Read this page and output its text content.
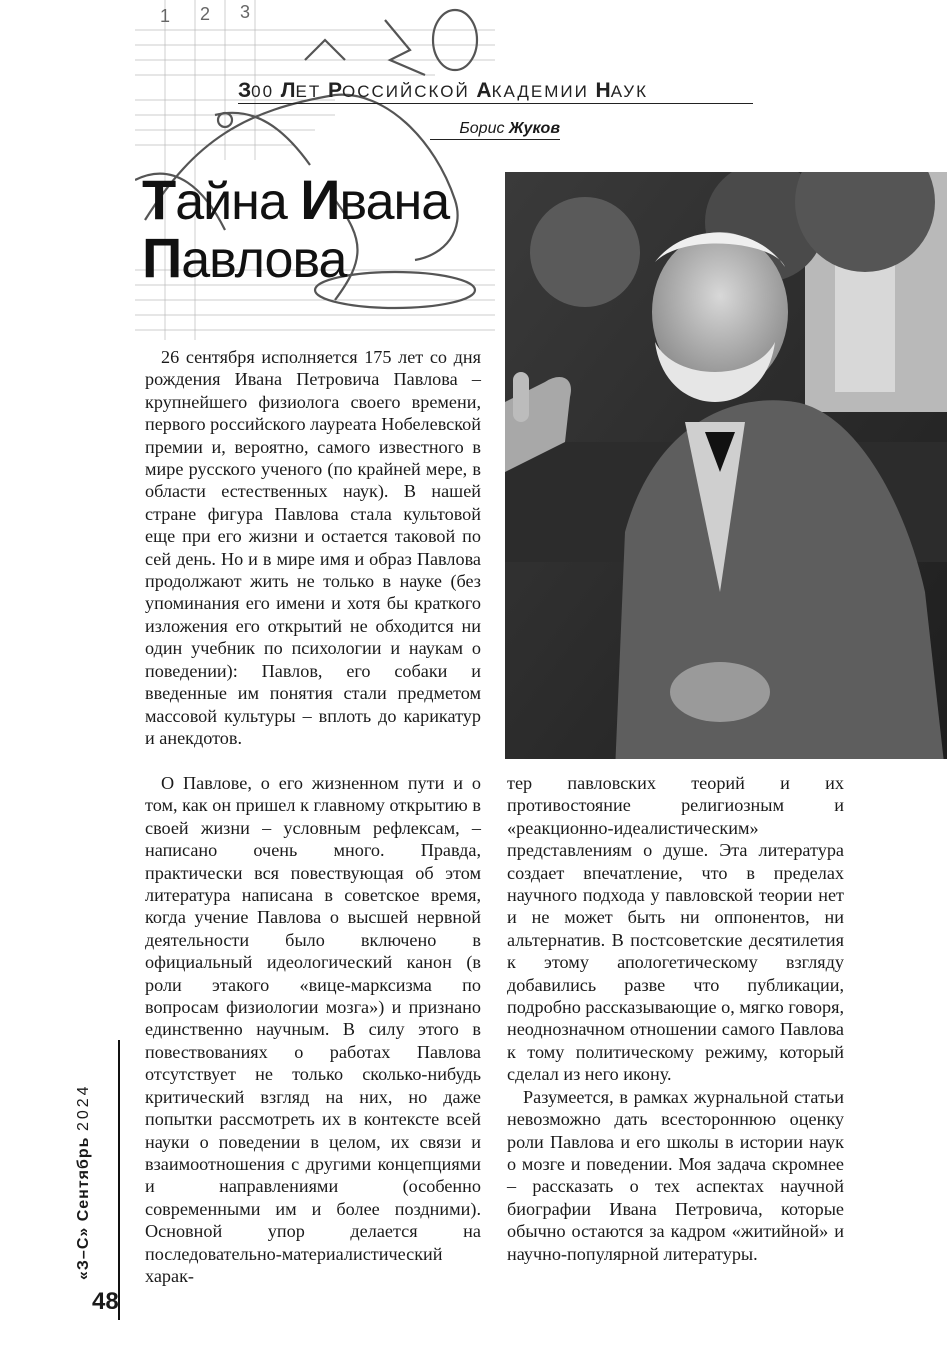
1 2 3
З00 ЛЕТ РОССИЙСКОЙ АКАДЕМИИ НАУК
Борис Жуков
Тайна Ивана
Павлова

26 сентября исполняется 175 лет со дня рождения Ивана Петровича Павлова – крупнейшего физиолога своего времени, первого российского лауреата Нобелевской премии и, вероятно, самого известного в мире русского ученого (по крайней мере, в области естественных наук). В нашей стране фигура Павлова стала культовой еще при его жизни и остается таковой по сей день. Но и в мире имя и образ Павлова продолжают жить не только в науке (без упоминания его имени и хотя бы краткого изложения его открытий не обходится ни один учебник по психологии и наукам о поведении): Павлов, его собаки и введенные им понятия стали предметом массовой культуры – вплоть до карикатур и анекдотов.

О Павлове, о его жизненном пути и о том, как он пришел к главному открытию в своей жизни – условным рефлексам, – написано очень много. Правда, практически вся повествующая об этом литература написана в советское время, когда учение Павлова о высшей нервной деятельности было включено в официальный идеологический канон (в роли этакого «вице-марксизма по вопросам физиологии мозга») и признано единственно научным. В силу этого в повествованиях о работах Павлова отсутствует не только сколько-нибудь критический взгляд на них, но даже попытки рассмотреть их в контексте всей науки о поведении в целом, их связи и взаимоотношения с другими концепциями и направлениями (особенно современными им и более поздними). Основной упор делается на последовательно-материалистический харак-

тер павловских теорий и их противостояние религиозным и «реакционно-идеалистическим» представлениям о душе. Эта литература создает впечатление, что в пределах научного подхода у павловской теории нет и не может быть ни оппонентов, ни альтернатив. В постсоветские десятилетия к этому апологетическому взгляду добавились разве что публикации, подробно рассказывающие о, мягко говоря, неоднозначном отношении самого Павлова к тому политическому режиму, который сделал из него икону.

Разумеется, в рамках журнальной статьи невозможно дать всестороннюю оценку роли Павлова и его школы в истории наук о мозге и поведении. Моя задача скромнее – рассказать о тех аспектах научной биографии Ивана Петровича, которые обычно остаются за кадром «житийной» и научно-популярной литературы.

«З–С» Сентябрь 2024
48
